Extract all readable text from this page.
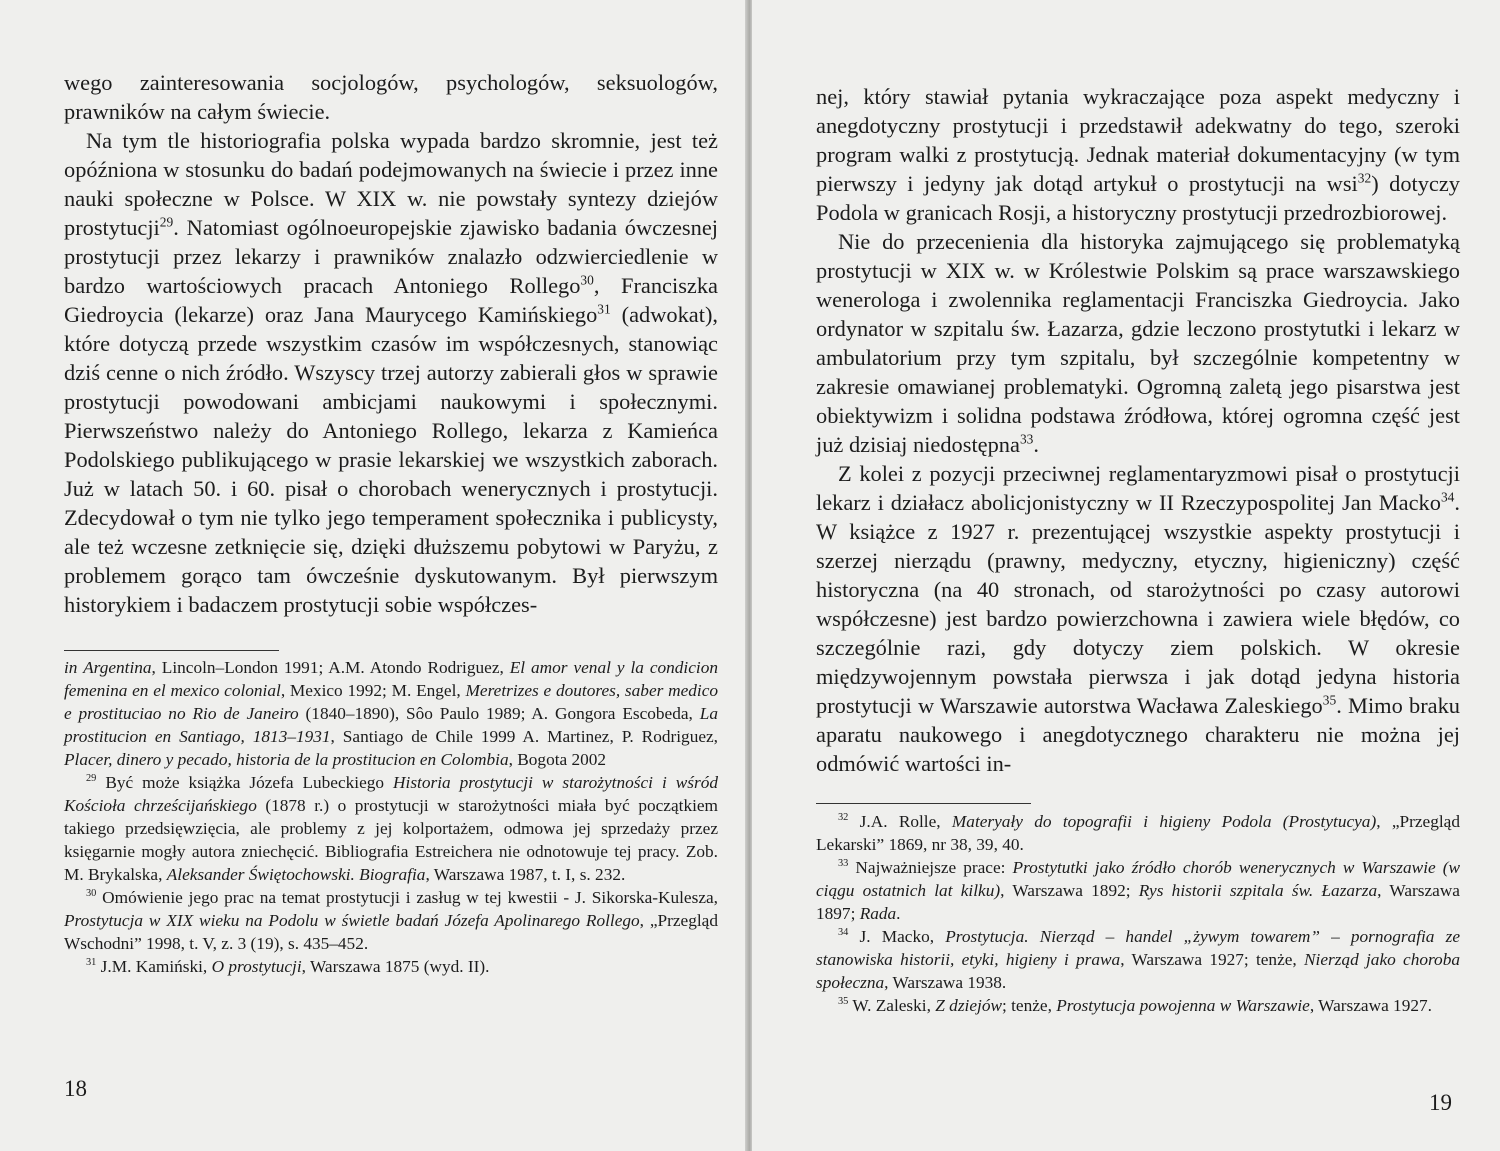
wego zainteresowania socjologów, psychologów, seksuologów, prawników na całym świecie.

Na tym tle historiografia polska wypada bardzo skromnie, jest też opóźniona w stosunku do badań podejmowanych na świecie i przez inne nauki społeczne w Polsce. W XIX w. nie powstały syntezy dziejów prostytucji$^{29}$. Natomiast ogólnoeuropejskie zjawisko badania ówczesnej prostytucji przez lekarzy i prawników znalazło odzwierciedlenie w bardzo wartościowych pracach Antoniego Rollego$^{30}$, Franciszka Giedroycia (lekarze) oraz Jana Maurycego Kamińskiego$^{31}$ (adwokat), które dotyczą przede wszystkim czasów im współczesnych, stanowiąc dziś cenne o nich źródło. Wszyscy trzej autorzy zabierali głos w sprawie prostytucji powodowani ambicjami naukowymi i społecznymi. Pierwszeństwo należy do Antoniego Rollego, lekarza z Kamieńca Podolskiego publikującego w prasie lekarskiej we wszystkich zaborach. Już w latach 50. i 60. pisał o chorobach wenerycznych i prostytucji. Zdecydował o tym nie tylko jego temperament społecznika i publicysty, ale też wczesne zetknięcie się, dzięki dłuższemu pobytowi w Paryżu, z problemem gorąco tam ówcześnie dyskutowanym. Był pierwszym historykiem i badaczem prostytucji sobie współczes-

in Argentina, Lincoln–London 1991; A.M. Atondo Rodriguez, El amor venal y la condicion femenina en el mexico colonial, Mexico 1992; M. Engel, Meretrizes e doutores, saber medico e prostituciao no Rio de Janeiro (1840–1890), Sôo Paulo 1989; A. Gongora Escobeda, La prostitucion en Santiago, 1813–1931, Santiago de Chile 1999 A. Martinez, P. Rodriguez, Placer, dinero y pecado, historia de la prostitucion en Colombia, Bogota 2002

$^{29}$ Być może książka Józefa Lubeckiego Historia prostytucji w starożytności i wśród Kościoła chrześcijańskiego (1878 r.) o prostytucji w starożytności miała być początkiem takiego przedsięwzięcia, ale problemy z jej kolportażem, odmowa jej sprzedaży przez księgarnie mogły autora zniechęcić. Bibliografia Estreichera nie odnotowuje tej pracy. Zob. M. Brykalska, Aleksander Świętochowski. Biografia, Warszawa 1987, t. I, s. 232.

$^{30}$ Omówienie jego prac na temat prostytucji i zasług w tej kwestii - J. Sikorska-Kulesza, Prostytucja w XIX wieku na Podolu w świetle badań Józefa Apolinarego Rollego, „Przegląd Wschodni” 1998, t. V, z. 3 (19), s. 435–452.

$^{31}$ J.M. Kamiński, O prostytucji, Warszawa 1875 (wyd. II).

18

nej, który stawiał pytania wykraczające poza aspekt medyczny i anegdotyczny prostytucji i przedstawił adekwatny do tego, szeroki program walki z prostytucją. Jednak materiał dokumentacyjny (w tym pierwszy i jedyny jak dotąd artykuł o prostytucji na wsi$^{32}$) dotyczy Podola w granicach Rosji, a historyczny prostytucji przedrozbiorowej.

Nie do przecenienia dla historyka zajmującego się problematyką prostytucji w XIX w. w Królestwie Polskim są prace warszawskiego wenerologa i zwolennika reglamentacji Franciszka Giedroycia. Jako ordynator w szpitalu św. Łazarza, gdzie leczono prostytutki i lekarz w ambulatorium przy tym szpitalu, był szczególnie kompetentny w zakresie omawianej problematyki. Ogromną zaletą jego pisarstwa jest obiektywizm i solidna podstawa źródłowa, której ogromna część jest już dzisiaj niedostępna$^{33}$.

Z kolei z pozycji przeciwnej reglamentaryzmowi pisał o prostytucji lekarz i działacz abolicjonistyczny w II Rzeczypospolitej Jan Macko$^{34}$. W książce z 1927 r. prezentującej wszystkie aspekty prostytucji i szerzej nierządu (prawny, medyczny, etyczny, higieniczny) część historyczna (na 40 stronach, od starożytności po czasy autorowi współczesne) jest bardzo powierzchowna i zawiera wiele błędów, co szczególnie razi, gdy dotyczy ziem polskich. W okresie międzywojennym powstała pierwsza i jak dotąd jedyna historia prostytucji w Warszawie autorstwa Wacława Zaleskiego$^{35}$. Mimo braku aparatu naukowego i anegdotycznego charakteru nie można jej odmówić wartości in-

$^{32}$ J.A. Rolle, Materyały do topografii i higieny Podola (Prostytucya), „Przegląd Lekarski” 1869, nr 38, 39, 40.

$^{33}$ Najważniejsze prace: Prostytutki jako źródło chorób wenerycznych w Warszawie (w ciągu ostatnich lat kilku), Warszawa 1892; Rys historii szpitala św. Łazarza, Warszawa 1897; Rada.

$^{34}$ J. Macko, Prostytucja. Nierząd – handel „żywym towarem” – pornografia ze stanowiska historii, etyki, higieny i prawa, Warszawa 1927; tenże, Nierząd jako choroba społeczna, Warszawa 1938.

$^{35}$ W. Zaleski, Z dziejów; tenże, Prostytucja powojenna w Warszawie, Warszawa 1927.

19
